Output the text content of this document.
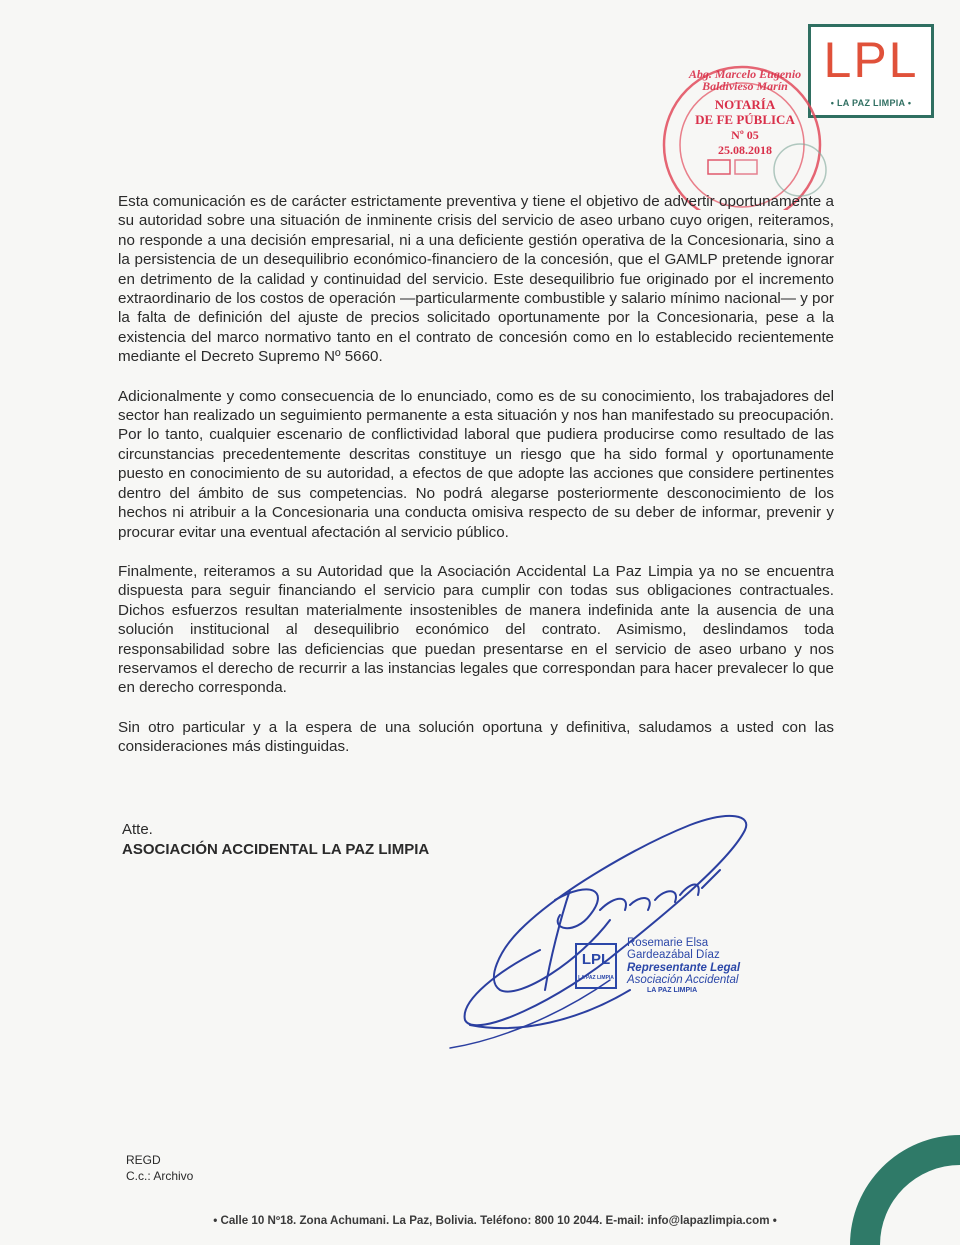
LPL
• LA PAZ LIMPIA •
Abg. Marcelo Eugenio Baldivieso Marín
NOTARÍA
DE FE PÚBLICA
Nº 05
25.08.2018

Esta comunicación es de carácter estrictamente preventiva y tiene el objetivo de advertir oportunamente a su autoridad sobre una situación de inminente crisis del servicio de aseo urbano cuyo origen, reiteramos, no responde a una decisión empresarial, ni a una deficiente gestión operativa de la Concesionaria, sino a la persistencia de un desequilibrio económico-financiero de la concesión, que el GAMLP pretende ignorar en detrimento de la calidad y continuidad del servicio. Este desequilibrio fue originado por el incremento extraordinario de los costos de operación —particularmente combustible y salario mínimo nacional— y por la falta de definición del ajuste de precios solicitado oportunamente por la Concesionaria, pese a la existencia del marco normativo tanto en el contrato de concesión como en lo establecido recientemente mediante el Decreto Supremo Nº 5660.

Adicionalmente y como consecuencia de lo enunciado, como es de su conocimiento, los trabajadores del sector han realizado un seguimiento permanente a esta situación y nos han manifestado su preocupación. Por lo tanto, cualquier escenario de conflictividad laboral que pudiera producirse como resultado de las circunstancias precedentemente descritas constituye un riesgo que ha sido formal y oportunamente puesto en conocimiento de su autoridad, a efectos de que adopte las acciones que considere pertinentes dentro del ámbito de sus competencias. No podrá alegarse posteriormente desconocimiento de los hechos ni atribuir a la Concesionaria una conducta omisiva respecto de su deber de informar, prevenir y procurar evitar una eventual afectación al servicio público.

Finalmente, reiteramos a su Autoridad que la Asociación Accidental La Paz Limpia ya no se encuentra dispuesta para seguir financiando el servicio para cumplir con todas sus obligaciones contractuales. Dichos esfuerzos resultan materialmente insostenibles de manera indefinida ante la ausencia de una solución institucional al desequilibrio económico del contrato. Asimismo, deslindamos toda responsabilidad sobre las deficiencias que puedan presentarse en el servicio de aseo urbano y nos reservamos el derecho de recurrir a las instancias legales que correspondan para hacer prevalecer lo que en derecho corresponda.

Sin otro particular y a la espera de una solución oportuna y definitiva, saludamos a usted con las consideraciones más distinguidas.

Atte.
ASOCIACIÓN ACCIDENTAL LA PAZ LIMPIA
LPL
LA PAZ LIMPIA
Rosemarie Elsa
Gardeazábal Díaz
Representante Legal
Asociación Accidental
LA PAZ LIMPIA
REGD
C.c.: Archivo
• Calle 10 Nº18. Zona Achumani. La Paz, Bolivia. Teléfono: 800 10 2044. E-mail: info@lapazlimpia.com •
